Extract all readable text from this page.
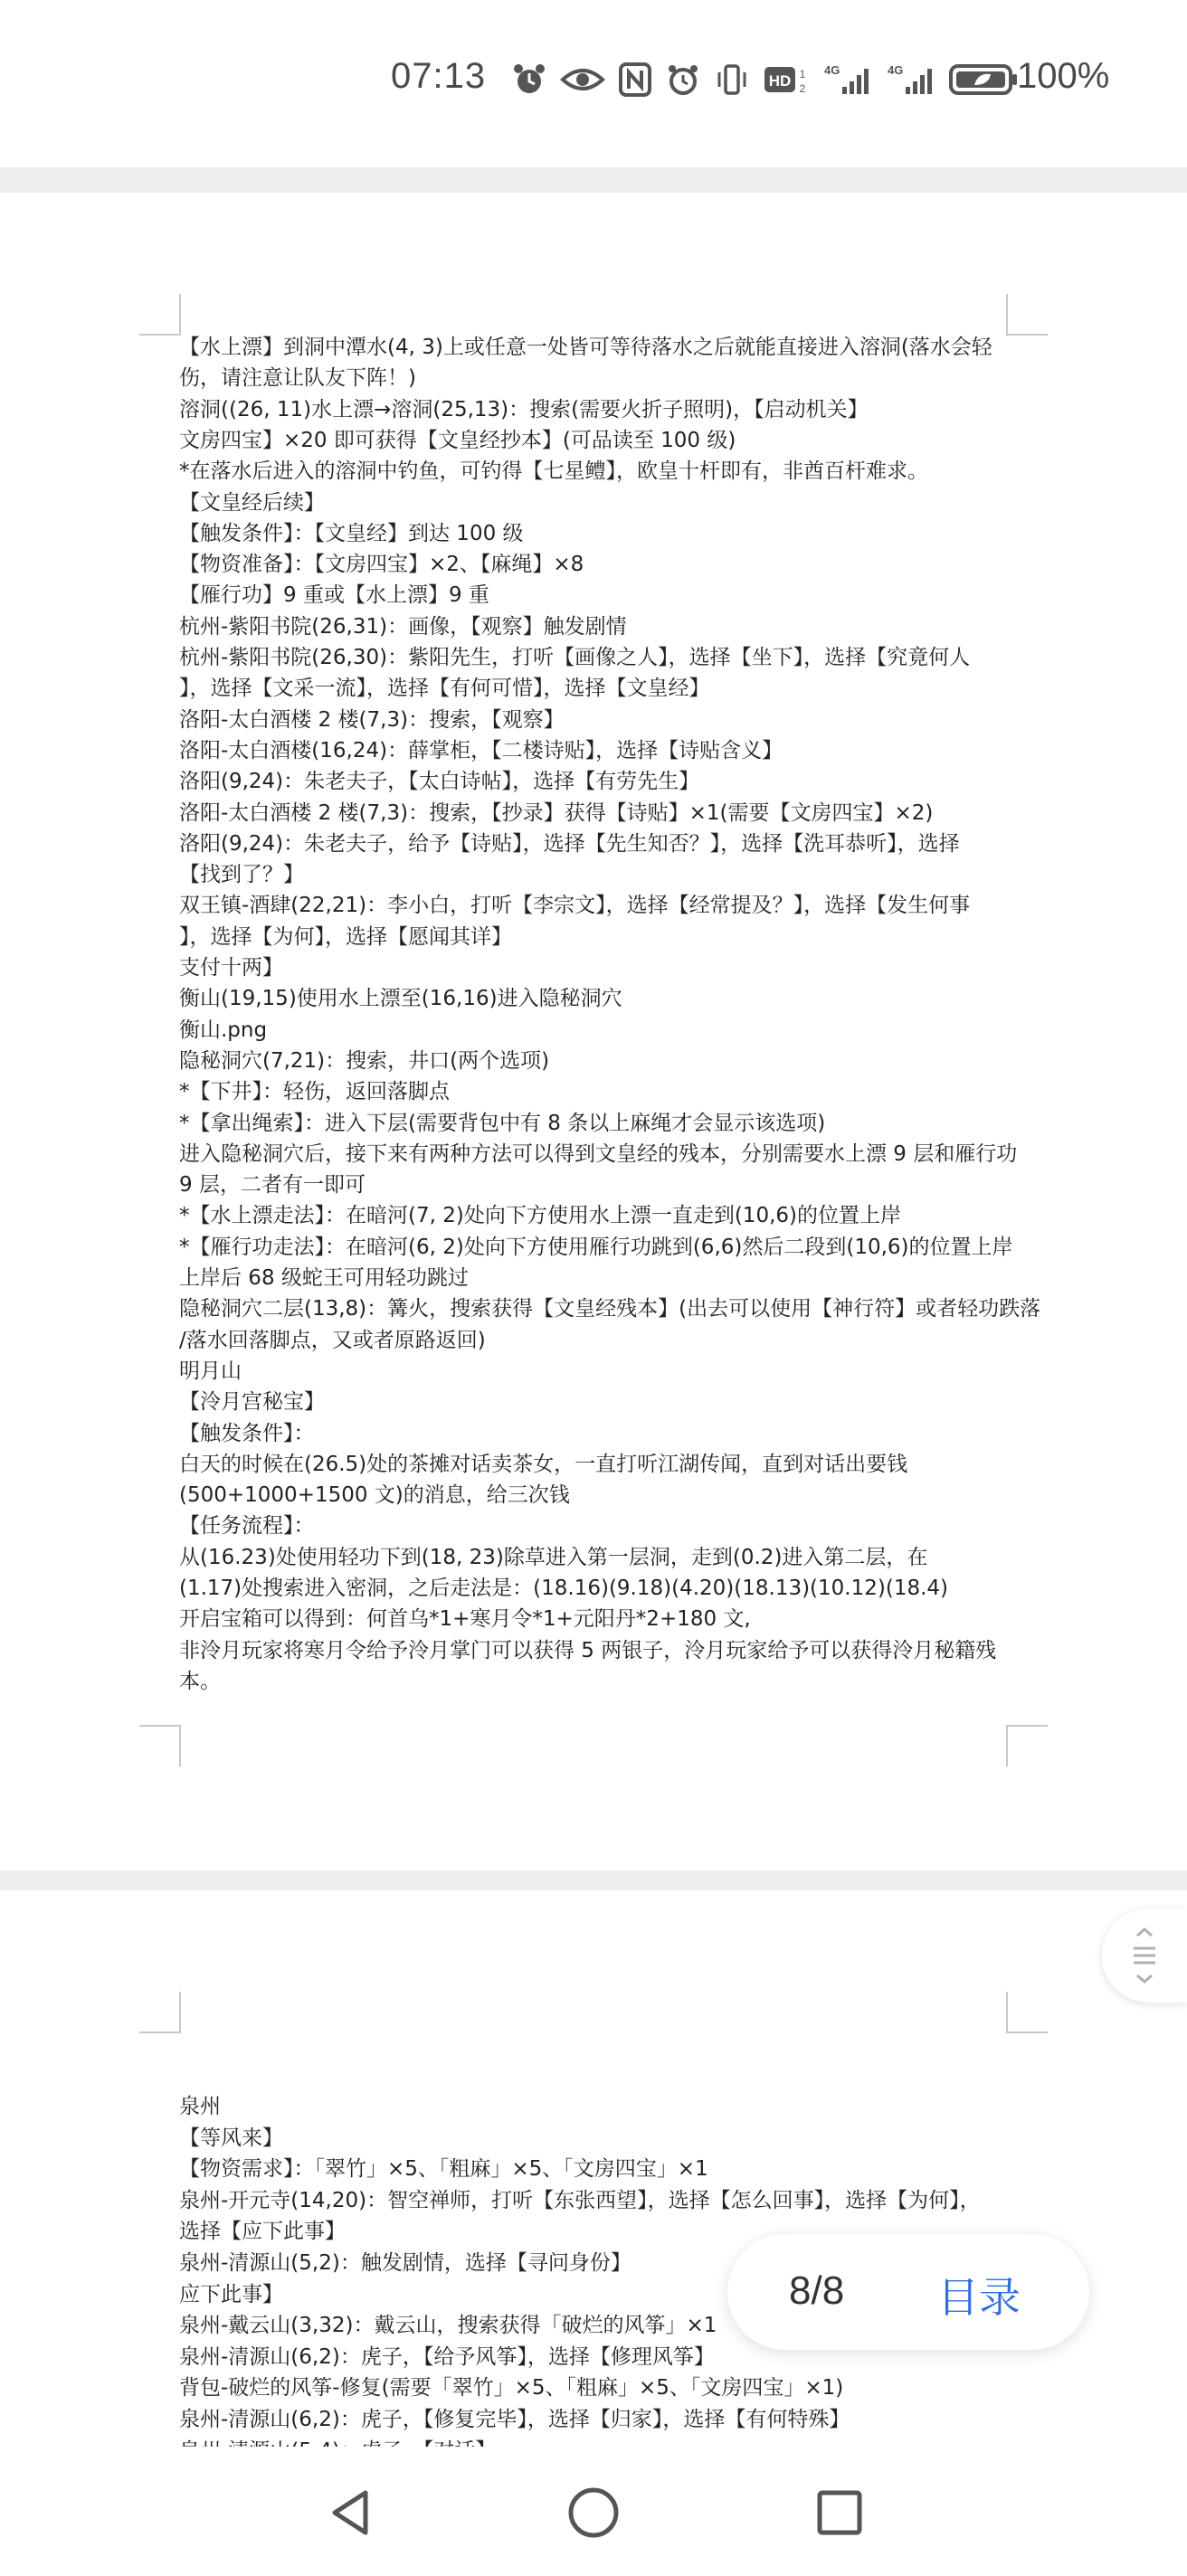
07:13	HD 1
2
4G	4G	100%
【水上漂】到洞中潭水(4, 3)上或任意一处皆可等待落水之后就能直接进入溶洞(落水会轻
伤，请注意让队友下阵！)
溶洞((26, 11)水上漂→溶洞(25,13)：搜索(需要火折子照明)，【启动机关】
文房四宝】×20 即可获得【文皇经抄本】(可品读至 100 级)
*在落水后进入的溶洞中钓鱼，可钓得【七星鳢】，欧皇十杆即有，非酋百杆难求。
【文皇经后续】
【触发条件】：【文皇经】到达 100 级
【物资准备】：【文房四宝】×2、【麻绳】×8
【雁行功】9 重或【水上漂】9 重
杭州-紫阳书院(26,31)：画像，【观察】触发剧情
杭州-紫阳书院(26,30)：紫阳先生，打听【画像之人】，选择【坐下】，选择【究竟何人
】，选择【文采一流】，选择【有何可惜】，选择【文皇经】
洛阳-太白酒楼 2 楼(7,3)：搜索，【观察】
洛阳-太白酒楼(16,24)：薛掌柜，【二楼诗贴】，选择【诗贴含义】
洛阳(9,24)：朱老夫子，【太白诗帖】，选择【有劳先生】
洛阳-太白酒楼 2 楼(7,3)：搜索，【抄录】获得【诗贴】×1(需要【文房四宝】×2)
洛阳(9,24)：朱老夫子，给予【诗贴】，选择【先生知否？】，选择【洗耳恭听】，选择
【找到了？】
双王镇-酒肆(22,21)：李小白，打听【李宗文】，选择【经常提及？】，选择【发生何事
】，选择【为何】，选择【愿闻其详】
支付十两】
衡山(19,15)使用水上漂至(16,16)进入隐秘洞穴
衡山.png
隐秘洞穴(7,21)：搜索，井口(两个选项)
*【下井】：轻伤，返回落脚点
*【拿出绳索】：进入下层(需要背包中有 8 条以上麻绳才会显示该选项)
进入隐秘洞穴后，接下来有两种方法可以得到文皇经的残本，分别需要水上漂 9 层和雁行功
9 层，二者有一即可
*【水上漂走法】：在暗河(7, 2)处向下方使用水上漂一直走到(10,6)的位置上岸
*【雁行功走法】：在暗河(6, 2)处向下方使用雁行功跳到(6,6)然后二段到(10,6)的位置上岸
上岸后 68 级蛇王可用轻功跳过
隐秘洞穴二层(13,8)：篝火，搜索获得【文皇经残本】(出去可以使用【神行符】或者轻功跌落
/落水回落脚点，又或者原路返回)
明月山
【泠月宫秘宝】
【触发条件】：
白天的时候在(26.5)处的茶摊对话卖茶女，一直打听江湖传闻，直到对话出要钱
(500+1000+1500 文)的消息，给三次钱
【任务流程】：
从(16.23)处使用轻功下到(18, 23)除草进入第一层洞，走到(0.2)进入第二层，在
(1.17)处搜索进入密洞，之后走法是：(18.16)(9.18)(4.20)(18.13)(10.12)(18.4)
开启宝箱可以得到：何首乌*1+寒月令*1+元阳丹*2+180 文,
非泠月玩家将寒月令给予泠月掌门可以获得 5 两银子，泠月玩家给予可以获得泠月秘籍残
本。
泉州
【等风来】
【物资需求】：「翠竹」×5、「粗麻」×5、「文房四宝」×1
泉州-开元寺(14,20)：智空禅师，打听【东张西望】，选择【怎么回事】，选择【为何】，
选择【应下此事】
泉州-清源山(5,2)：触发剧情，选择【寻问身份】
应下此事】
泉州-戴云山(3,32)：戴云山，搜索获得「破烂的风筝」×1
泉州-清源山(6,2)：虎子，【给予风筝】，选择【修理风筝】
背包-破烂的风筝-修复(需要「翠竹」×5、「粗麻」×5、「文房四宝」×1)
泉州-清源山(6,2)：虎子，【修复完毕】，选择【归家】，选择【有何特殊】
8/8 目录
